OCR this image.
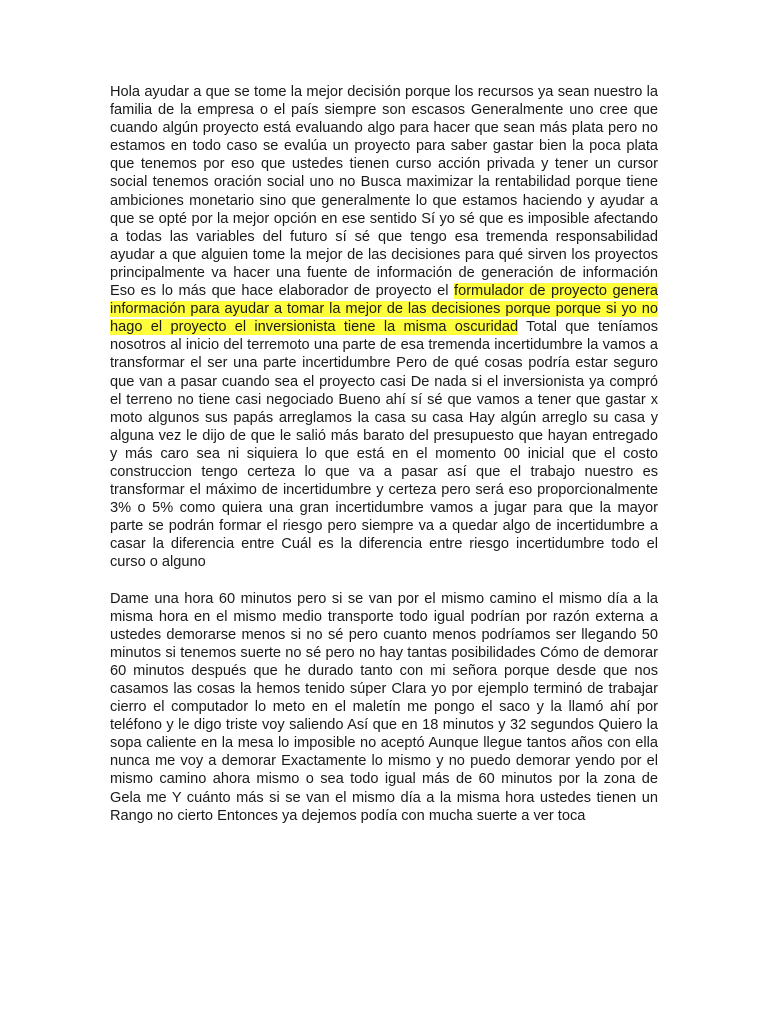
Hola ayudar a que se tome la mejor decisión porque los recursos ya sean nuestro la familia de la empresa o el país siempre son escasos Generalmente uno cree que cuando algún proyecto está evaluando algo para hacer que sean más plata pero no estamos en todo caso se evalúa un proyecto para saber gastar bien la poca plata que tenemos por eso que ustedes tienen curso acción privada y tener un cursor social tenemos oración social uno no Busca maximizar la rentabilidad porque tiene ambiciones monetario sino que generalmente lo que estamos haciendo y ayudar a que se opté por la mejor opción en ese sentido Sí yo sé que es imposible afectando a todas las variables del futuro sí sé que tengo esa tremenda responsabilidad ayudar a que alguien tome la mejor de las decisiones para qué sirven los proyectos principalmente va hacer una fuente de información de generación de información Eso es lo más que hace elaborador de proyecto el formulador de proyecto genera información para ayudar a tomar la mejor de las decisiones porque porque si yo no hago el proyecto el inversionista tiene la misma oscuridad Total que teníamos nosotros al inicio del terremoto una parte de esa tremenda incertidumbre la vamos a transformar el ser una parte incertidumbre Pero de qué cosas podría estar seguro que van a pasar cuando sea el proyecto casi De nada si el inversionista ya compró el terreno no tiene casi negociado Bueno ahí sí sé que vamos a tener que gastar x moto algunos sus papás arreglamos la casa su casa Hay algún arreglo su casa y alguna vez le dijo de que le salió más barato del presupuesto que hayan entregado y más caro sea ni siquiera lo que está en el momento 00 inicial que el costo construccion tengo certeza lo que va a pasar así que el trabajo nuestro es transformar el máximo de incertidumbre y certeza pero será eso proporcionalmente 3% o 5% como quiera una gran incertidumbre vamos a jugar para que la mayor parte se podrán formar el riesgo pero siempre va a quedar algo de incertidumbre a casar la diferencia entre Cuál es la diferencia entre riesgo incertidumbre todo el curso o alguno

Dame una hora 60 minutos pero si se van por el mismo camino el mismo día a la misma hora en el mismo medio transporte todo igual podrían por razón externa a ustedes demorarse menos si no sé pero cuanto menos podríamos ser llegando 50 minutos si tenemos suerte no sé pero no hay tantas posibilidades Cómo de demorar 60 minutos después que he durado tanto con mi señora porque desde que nos casamos las cosas la hemos tenido súper Clara yo por ejemplo terminó de trabajar cierro el computador lo meto en el maletín me pongo el saco y la llamó ahí por teléfono y le digo triste voy saliendo Así que en 18 minutos y 32 segundos Quiero la sopa caliente en la mesa lo imposible no aceptó Aunque llegue tantos años con ella nunca me voy a demorar Exactamente lo mismo y no puedo demorar yendo por el mismo camino ahora mismo o sea todo igual más de 60 minutos por la zona de Gela me Y cuánto más si se van el mismo día a la misma hora ustedes tienen un Rango no cierto Entonces ya dejemos podía con mucha suerte a ver toca
